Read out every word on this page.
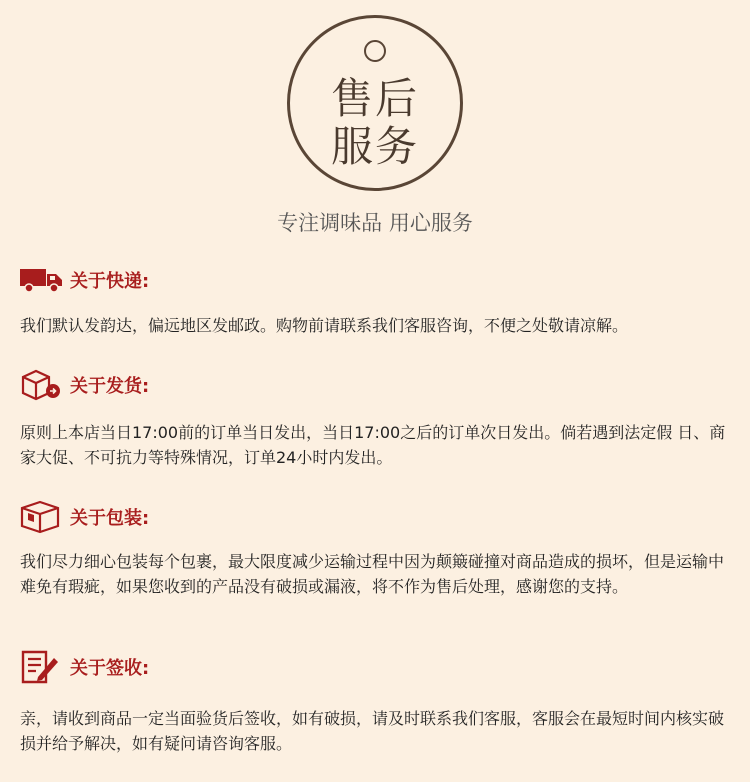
售后
服务
专注调味品 用心服务
关于快递:
我们默认发韵达，偏远地区发邮政。购物前请联系我们客服咨询，不便之处敬请凉解。
关于发货:
原则上本店当日17:00前的订单当日发出，当日17:00之后的订单次日发出。倘若遇到法定假 日、商家大促、不可抗力等特殊情况，订单24小时内发出。
关于包装:
我们尽力细心包装每个包裹，最大限度减少运输过程中因为颠簸碰撞对商品造成的损坏，但是运输中难免有瑕疵，如果您收到的产品没有破损或漏液，将不作为售后处理，感谢您的支持。
关于签收:
亲，请收到商品一定当面验货后签收，如有破损，请及时联系我们客服，客服会在最短时间内核实破损并给予解决，如有疑问请咨询客服。
